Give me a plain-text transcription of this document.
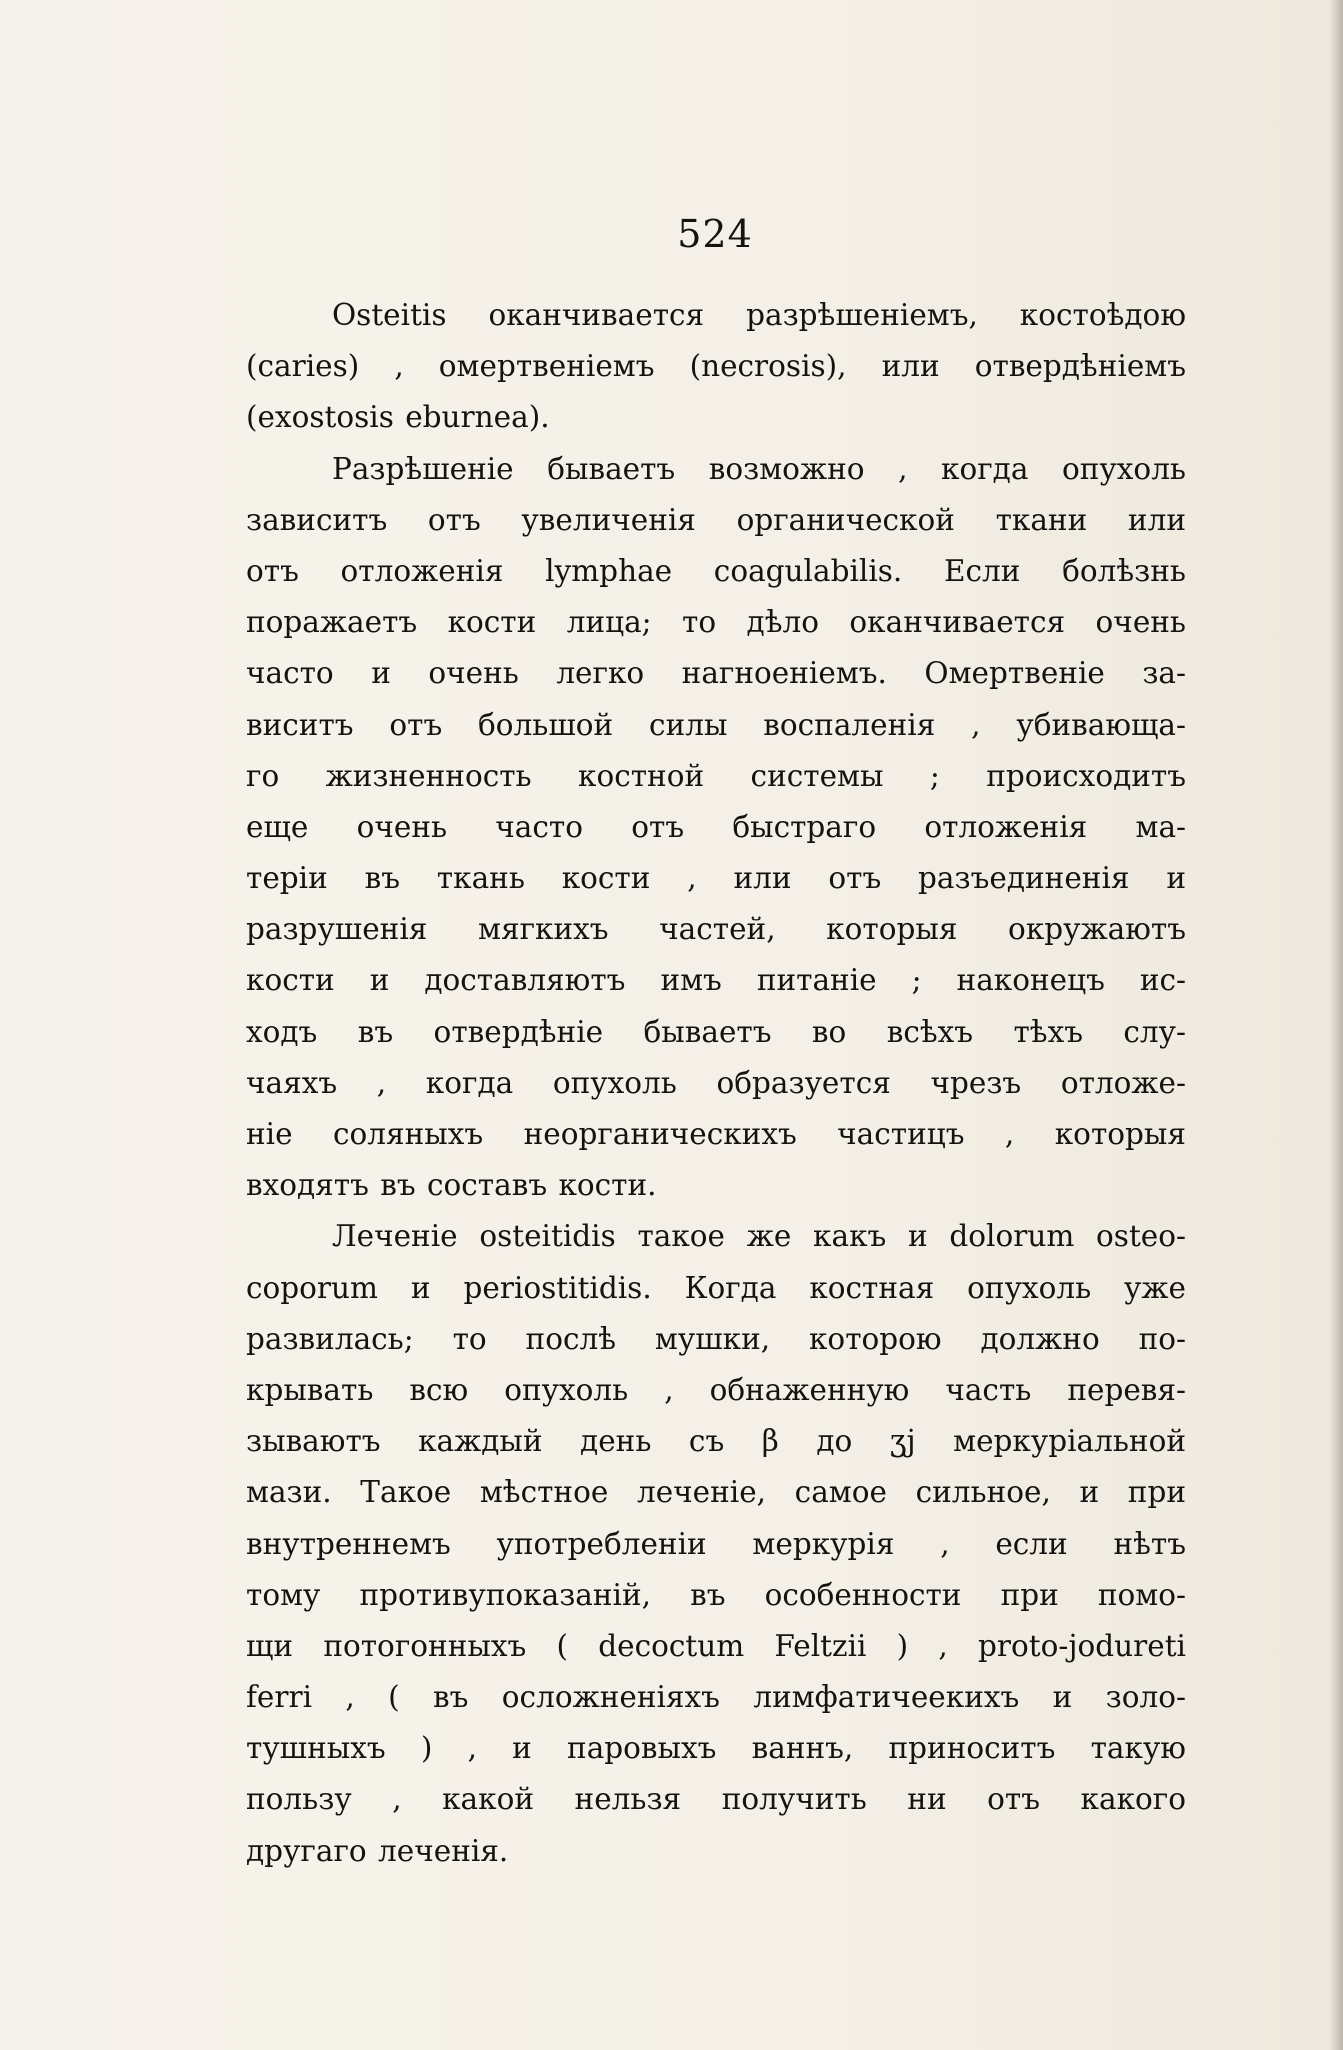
524
Osteitis оканчивается разрѣшеніемъ, костоѣдою
(caries) , омертвеніемъ (necrosis), или отвердѣніемъ
(exostosis eburnea).
Разрѣшеніе бываетъ возможно , когда опухоль
зависитъ отъ увеличенія органической ткани или
отъ отложенія lymphae coagulabilis. Если болѣзнь
поражаетъ кости лица; то дѣло оканчивается очень
часто и очень легко нагноеніемъ. Омертвеніе за-
виситъ отъ большой силы воспаленія , убивающа-
го жизненность костной системы ; происходитъ
еще очень часто отъ быстраго отложенія ма-
теріи въ ткань кости , или отъ разъединенія и
разрушенія мягкихъ частей, которыя окружаютъ
кости и доставляютъ имъ питаніе ; наконецъ ис-
ходъ въ отвердѣніе бываетъ во всѣхъ тѣхъ слу-
чаяхъ , когда опухоль образуется чрезъ отложе-
ніе соляныхъ неорганическихъ частицъ , которыя
входятъ въ составъ кости.
Леченіе osteitidis такое же какъ и dolorum osteo-
coporum и periostitidis. Когда костная опухоль уже
развилась; то послѣ мушки, которою должно по-
крывать всю опухоль , обнаженную часть перевя-
зываютъ каждый день съ β до ʒj меркуріальной
мази. Такое мѣстное леченіе, самое сильное, и при
внутреннемъ употребленіи меркурія , если нѣтъ
тому противупоказаній, въ особенности при помо-
щи потогонныхъ ( decoctum Feltzii ) , proto-jodureti
ferri , ( въ осложненіяхъ лимфатичеекихъ и золо-
тушныхъ ) , и паровыхъ ваннъ, приноситъ такую
пользу , какой нельзя получить ни отъ какого
другаго леченія.
